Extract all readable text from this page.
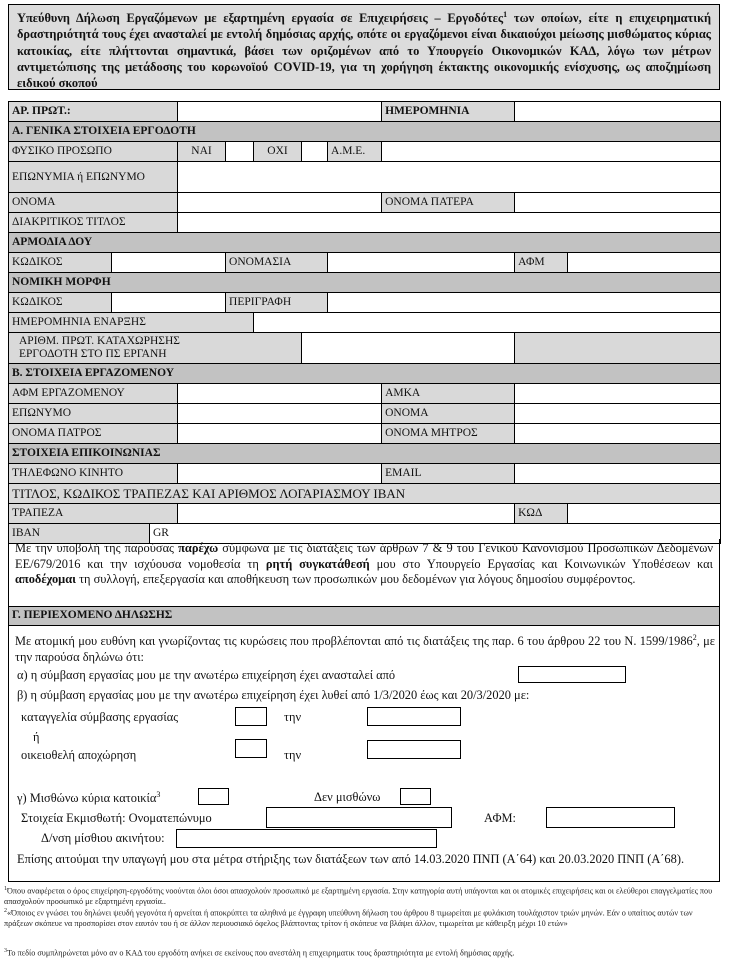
Υπεύθυνη Δήλωση Εργαζόμενων με εξαρτημένη εργασία σε Επιχειρήσεις – Εργοδότες$^1$ των οποίων, είτε η επιχειρηματική δραστηριότητά τους έχει ανασταλεί με εντολή δημόσιας αρχής, οπότε οι εργαζόμενοι είναι δικαιούχοι μείωσης μισθώματος κύριας κατοικίας, είτε πλήττονται σημαντικά, βάσει των οριζομένων από το Υπουργείο Οικονομικών ΚΑΔ, λόγω των μέτρων αντιμετώπισης της μετάδοσης του κορωνοϊού COVID-19, για τη χορήγηση έκτακτης οικονομικής ενίσχυσης, ως αποζημίωση ειδικού σκοπού
ΑΡ. ΠΡΩΤ.:								ΗΜΕΡΟΜΗΝΙΑ		
Α. ΓΕΝΙΚΑ ΣΤΟΙΧΕΙΑ ΕΡΓΟΔΟΤΗ										
ΦΥΣΙΚΟ ΠΡΟΣΩΠΟ			ΝΑΙ		ΟΧΙ		Α.Μ.Ε.			
ΕΠΩΝΥΜΙΑ ή ΕΠΩΝΥΜΟ										
ΟΝΟΜΑ								ΟΝΟΜΑ ΠΑΤΕΡΑ		
ΔΙΑΚΡΙΤΙΚΟΣ ΤΙΤΛΟΣ										
ΑΡΜΟΔΙΑ ΔΟΥ										
ΚΩΔΙΚΟΣ				ΟΝΟΜΑΣΙΑ					ΑΦΜ	
ΝΟΜΙΚΗ ΜΟΡΦΗ										
ΚΩΔΙΚΟΣ				ΠΕΡΙΓΡΑΦΗ						
ΗΜΕΡΟΜΗΝΙΑ ΕΝΑΡΞΗΣ										
ΑΡΙΘΜ. ΠΡΩΤ. ΚΑΤΑΧΩΡΗΣΗΣ
ΕΡΓΟΔΟΤΗ ΣΤΟ ΠΣ ΕΡΓΑΝΗ										
Β. ΣΤΟΙΧΕΙΑ ΕΡΓΑΖΟΜΕΝΟΥ										
ΑΦΜ ΕΡΓΑΖΟΜΕΝΟΥ								ΑΜΚΑ		
ΕΠΩΝΥΜΟ								ΟΝΟΜΑ		
ΟΝΟΜΑ ΠΑΤΡΟΣ								ΟΝΟΜΑ ΜΗΤΡΟΣ		
ΣΤΟΙΧΕΙΑ ΕΠΙΚΟΙΝΩΝΙΑΣ										
ΤΗΛΕΦΩΝΟ ΚΙΝΗΤΟ								EMAIL		
ΤΙΤΛΟΣ, ΚΩΔΙΚΟΣ ΤΡΑΠΕΖΑΣ ΚΑΙ ΑΡΙΘΜΟΣ ΛΟΓΑΡΙΑΣΜΟΥ IBAN										
ΤΡΑΠΕΖΑ									ΚΩΔ	
IBAN		GR								
Με την υποβολή της παρούσας παρέχω σύμφωνα με τις διατάξεις των άρθρων 7 & 9 του Γενικού Κανονισμού Προσωπικών Δεδομένων ΕΕ/679/2016 και την ισχύουσα νομοθεσία τη ρητή συγκατάθεσή μου στο Υπουργείο Εργασίας και Κοινωνικών Υποθέσεων και αποδέχομαι τη συλλογή, επεξεργασία και αποθήκευση των προσωπικών μου δεδομένων για λόγους δημοσίου συμφέροντος.
Γ. ΠΕΡΙΕΧΟΜΕΝΟ ΔΗΛΩΣΗΣ
Με ατομική μου ευθύνη και γνωρίζοντας τις κυρώσεις που προβλέπονται από τις διατάξεις της παρ. 6 του άρθρου 22 του Ν. 1599/1986$^2$, με την παρούσα δηλώνω ότι:
α) η σύμβαση εργασίας μου με την ανωτέρω επιχείρηση έχει ανασταλεί από
β) η σύμβαση εργασίας μου με την ανωτέρω επιχείρηση έχει λυθεί από 1/3/2020 έως και 20/3/2020 με:
καταγγελία σύμβασης εργασίας	την
ή
οικειοθελή αποχώρηση	την
γ) Μισθώνω κύρια κατοικία$^3$	Δεν μισθώνω
Στοιχεία Εκμισθωτή: Ονοματεπώνυμο	ΑΦΜ:
Δ/νση μίσθιου ακινήτου:
Επίσης αιτούμαι την υπαγωγή μου στα μέτρα στήριξης των διατάξεων των από 14.03.2020 ΠΝΠ (Α΄64) και 20.03.2020 ΠΝΠ (Α΄68).
$^1$Όπου αναφέρεται ο όρος επιχείρηση-εργοδότης νοούνται όλοι όσοι απασχολούν προσωπικό με εξαρτημένη εργασία. Στην κατηγορία αυτή υπάγονται και οι ατομικές επιχειρήσεις και οι ελεύθεροι επαγγελματίες που απασχολούν προσωπικό με εξαρτημένη εργασία..
$^2$«Όποιος εν γνώσει του δηλώνει ψευδή γεγονότα ή αρνείται ή αποκρύπτει τα αληθινά με έγγραφη υπεύθυνη δήλωση του άρθρου 8 τιμωρείται με φυλάκιση τουλάχιστον τριών μηνών. Εάν ο υπαίτιος αυτών των πράξεων σκόπευε να προσπορίσει στον εαυτόν του ή σε άλλον περιουσιακό όφελος βλάπτοντας τρίτον ή σκόπευε να βλάψει άλλον, τιμωρείται με κάθειρξη μέχρι 10 ετών»
$^3$Το πεδίο συμπληρώνεται μόνο αν ο ΚΑΔ του εργοδότη ανήκει σε εκείνους που ανεστάλη η επιχειρηματικ τους δραστηριότητα με εντολή δημόσιας αρχής.
